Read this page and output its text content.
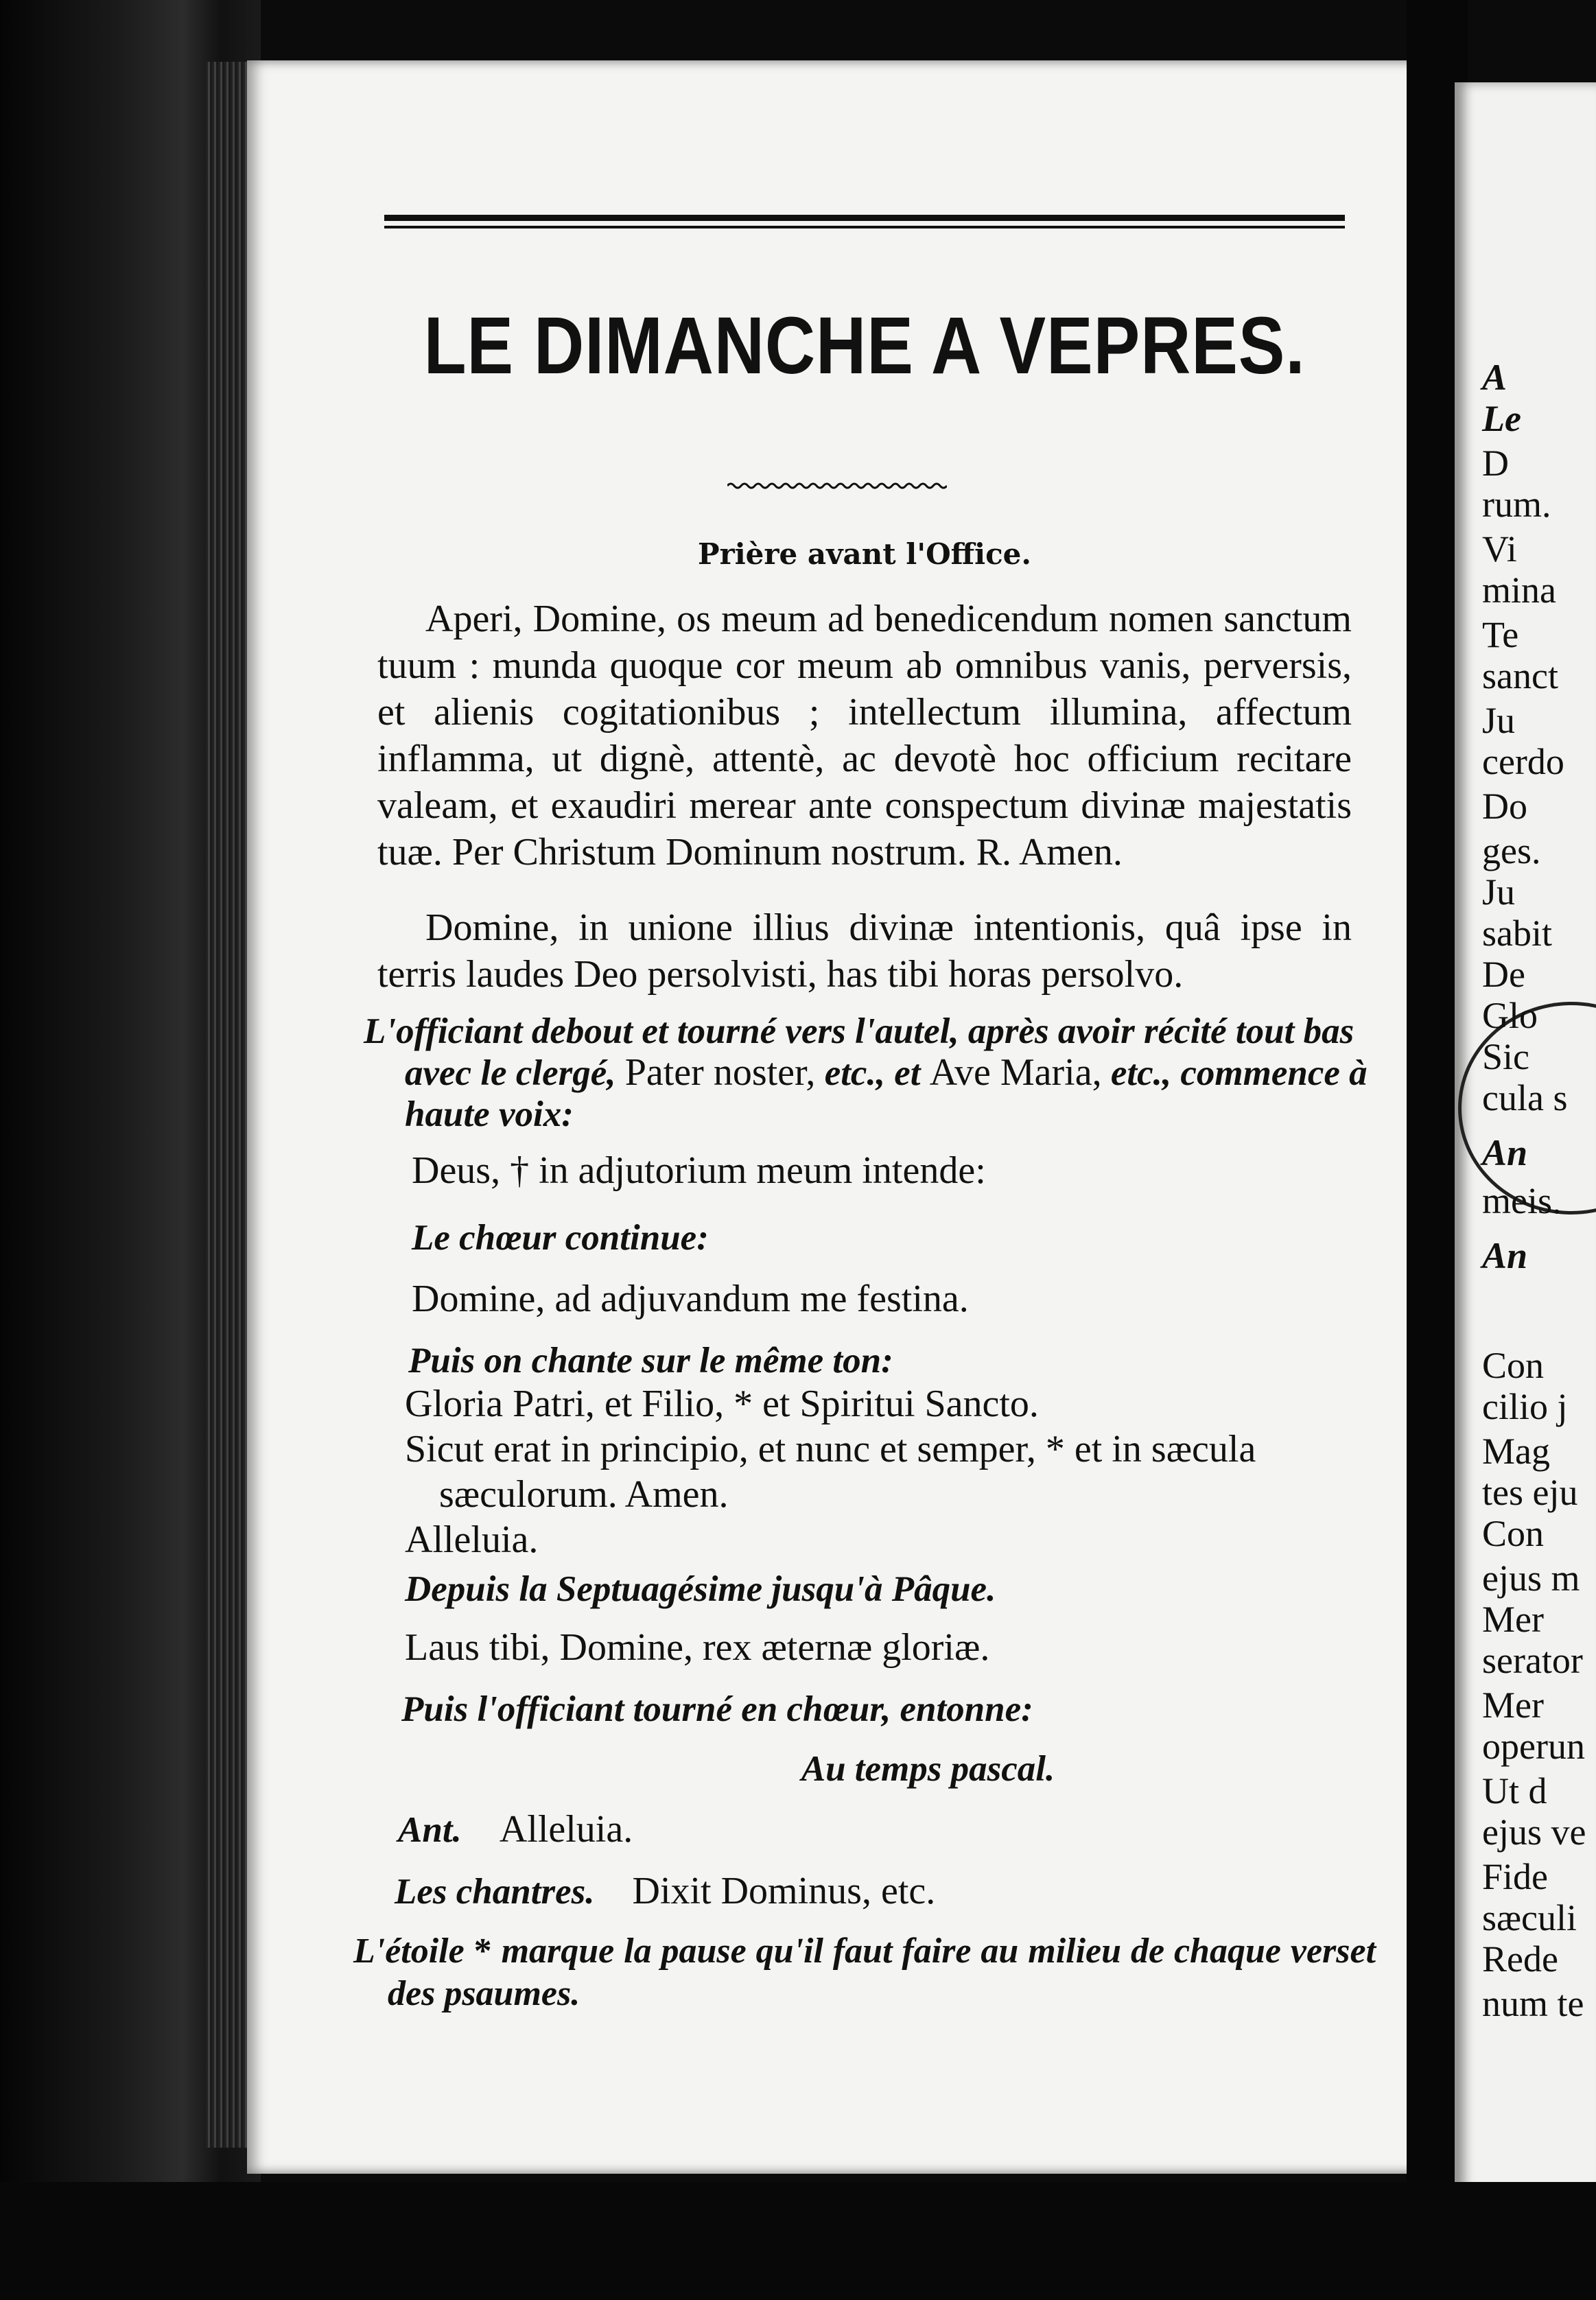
LE DIMANCHE A VEPRES.
Prière avant l'Office.

Aperi, Domine, os meum ad benedicendum nomen sanctum tuum : munda quoque cor meum ab omnibus vanis, perversis, et alienis cogitationibus ; intellectum illumina, affectum inflamma, ut dignè, attentè, ac devotè hoc officium recitare valeam, et exaudiri merear ante conspectum divinæ majestatis tuæ. Per Christum Dominum nostrum. R. Amen.

Domine, in unione illius divinæ intentionis, quâ ipse in terris laudes Deo persolvisti, has tibi horas persolvo.

L'officiant debout et tourné vers l'autel, après avoir récité tout bas avec le clergé, Pater noster, etc., et Ave Maria, etc., commence à haute voix:

Deus, † in adjutorium meum intende:

Le chœur continue:

Domine, ad adjuvandum me festina.

Puis on chante sur le même ton:

Gloria Patri, et Filio, * et Spiritui Sancto.
Sicut erat in principio, et nunc et semper, * et in sæcula sæculorum. Amen.
Alleluia.

Depuis la Septuagésime jusqu'à Pâque.

Laus tibi, Domine, rex æternæ gloriæ.

Puis l'officiant tourné en chœur, entonne:

Au temps pascal.

Ant. Alleluia.

Les chantres. Dixit Dominus, etc.

L'étoile * marque la pause qu'il faut faire au milieu de chaque verset des psaumes.

A

Le

D

rum.

Vi

mina

Te

sanct

Ju

cerdo

Do

ges.

Ju

sabit

De

Glo

Sic

cula s

An

meis.

An

Con

cilio j

Mag

tes eju

Con

ejus m

Mer

serator

Mer

operun

Ut d

ejus ve

Fide

sæculi

Rede

num te
